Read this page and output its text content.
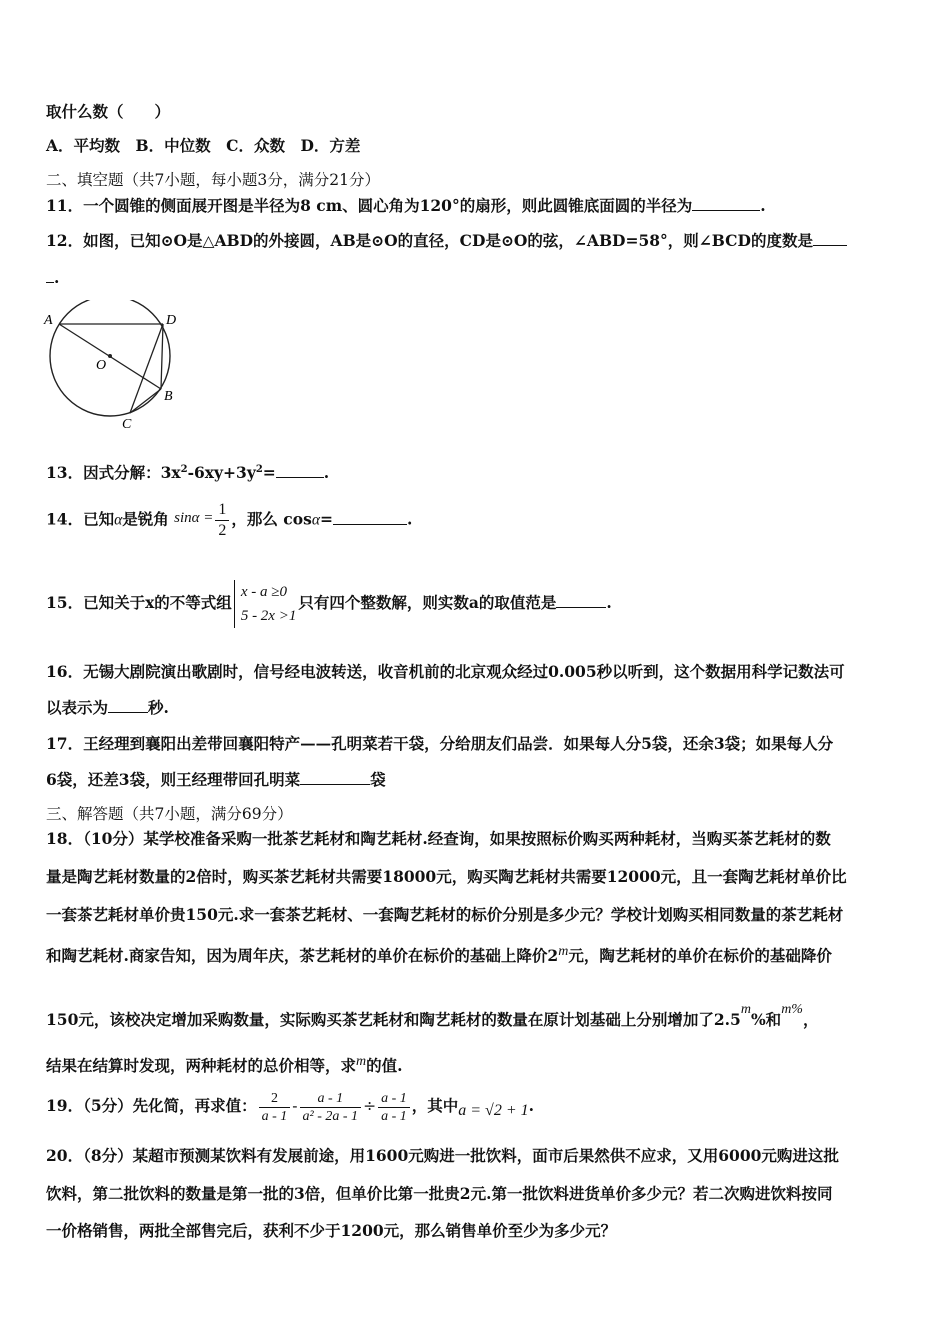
取什么数（　　）
A．平均数　B．中位数　C．众数　D．方差
二、填空题（共7小题，每小题3分，满分21分）
11．一个圆锥的侧面展开图是半径为8 cm、圆心角为120°的扇形，则此圆锥底面圆的半径为	.
12．如图，已知⊙O是△ABD的外接圆，AB是⊙O的直径，CD是⊙O的弦，∠ABD=58°，则∠BCD的度数是
.
A	D
O
B
C
13．因式分解：$3x^2-6xy+3y^2=$	.
14．已知α是锐角 $\sin\alpha = \frac{1}{2}$ ，那么 cosα=	.
15．已知关于x的不等式组
x - a ≥0
5 - 2x >1
只有四个整数解，则实数a的取值范是	.
16．无锡大剧院演出歌剧时，信号经电波转送，收音机前的北京观众经过0.005秒以听到，这个数据用科学记数法可
以表示为	秒.
17．王经理到襄阳出差带回襄阳特产——孔明菜若干袋，分给朋友们品尝．如果每人分5袋，还余3袋；如果每人分
6袋，还差3袋，则王经理带回孔明菜	袋
三、解答题（共7小题，满分69分）
18．（10分）某学校准备采购一批茶艺耗材和陶艺耗材.经查询，如果按照标价购买两种耗材，当购买茶艺耗材的数
量是陶艺耗材数量的2倍时，购买茶艺耗材共需要18000元，购买陶艺耗材共需要12000元，且一套陶艺耗材单价比
一套茶艺耗材单价贵150元.求一套茶艺耗材、一套陶艺耗材的标价分别是多少元？学校计划购买相同数量的茶艺耗材
和陶艺耗材.商家告知，因为周年庆，茶艺耗材的单价在标价的基础上降价2m元，陶艺耗材的单价在标价的基础降价
150元，该校决定增加采购数量，实际购买茶艺耗材和陶艺耗材的数量在原计划基础上分别增加了2.5m%和m%，
结果在结算时发现，两种耗材的总价相等，求m的值.
19．（5分）先化简，再求值： $\frac{2}{a - 1} - \frac{a - 1}{\text{a² - 2a - 1}} \div \frac{a - 1}{a - 1}$ ，其中a = √2 + 1.
20．（8分）某超市预测某饮料有发展前途，用1600元购进一批饮料，面市后果然供不应求，又用6000元购进这批
饮料，第二批饮料的数量是第一批的3倍，但单价比第一批贵2元.第一批饮料进货单价多少元？若二次购进饮料按同
一价格销售，两批全部售完后，获利不少于1200元，那么销售单价至少为多少元？
